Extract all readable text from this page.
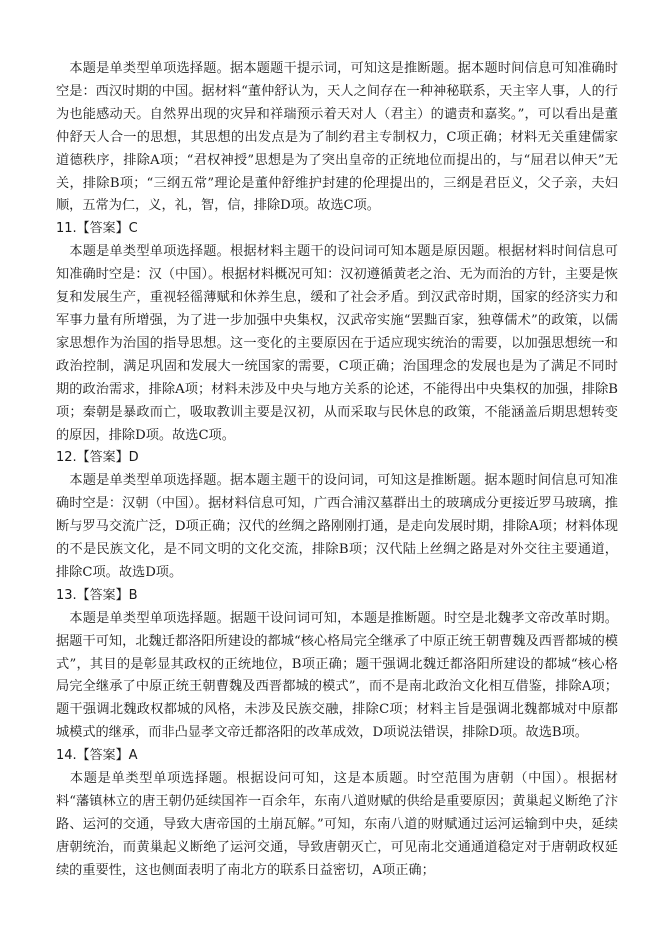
　本题是单类型单项选择题。据本题题干提示词，可知这是推断题。据本题时间信息可知准确时空是：西汉时期的中国。据材料“董仲舒认为，天人之间存在一种神秘联系，天主宰人事，人的行为也能感动天。自然界出现的灾异和祥瑞预示着天对人（君主）的谴责和嘉奖。”，可以看出是董仲舒天人合一的思想，其思想的出发点是为了制约君主专制权力，C项正确；材料无关重建儒家道德秩序，排除A项；“君权神授”思想是为了突出皇帝的正统地位而提出的，与“屈君以伸天”无关，排除B项；“三纲五常”理论是董仲舒维护封建的伦理提出的，三纲是君臣义，父子亲，夫妇顺，五常为仁，义，礼，智，信，排除D项。故选C项。

11.【答案】C

　本题是单类型单项选择题。根据材料主题干的设问词可知本题是原因题。根据材料时间信息可知准确时空是：汉（中国）。根据材料概况可知：汉初遵循黄老之治、无为而治的方针，主要是恢复和发展生产，重视轻徭薄赋和休养生息，缓和了社会矛盾。到汉武帝时期，国家的经济实力和军事力量有所增强，为了进一步加强中央集权，汉武帝实施“罢黜百家，独尊儒术”的政策，以儒家思想作为治国的指导思想。这一变化的主要原因在于适应现实统治的需要，以加强思想统一和政治控制，满足巩固和发展大一统国家的需要，C项正确；治国理念的发展也是为了满足不同时期的政治需求，排除A项；材料未涉及中央与地方关系的论述，不能得出中央集权的加强，排除B项；秦朝是暴政而亡，吸取教训主要是汉初，从而采取与民休息的政策，不能涵盖后期思想转变的原因，排除D项。故选C项。

12.【答案】D

　本题是单类型单项选择题。据本题主题干的设问词，可知这是推断题。据本题时间信息可知准确时空是：汉朝（中国）。据材料信息可知，广西合浦汉墓群出土的玻璃成分更接近罗马玻璃，推断与罗马交流广泛，D项正确；汉代的丝绸之路刚刚打通，是走向发展时期，排除A项；材料体现的不是民族文化，是不同文明的文化交流，排除B项；汉代陆上丝绸之路是对外交往主要通道，排除C项。故选D项。

13.【答案】B

　本题是单类型单项选择题。据题干设问词可知，本题是推断题。时空是北魏孝文帝改革时期。据题干可知，北魏迁都洛阳所建设的都城“核心格局完全继承了中原正统王朝曹魏及西晋都城的模式”，其目的是彰显其政权的正统地位，B项正确；题干强调北魏迁都洛阳所建设的都城“核心格局完全继承了中原正统王朝曹魏及西晋都城的模式”，而不是南北政治文化相互借鉴，排除A项；题干强调北魏政权都城的风格，未涉及民族交融，排除C项；材料主旨是强调北魏都城对中原都城模式的继承，而非凸显孝文帝迁都洛阳的改革成效，D项说法错误，排除D项。故选B项。

14.【答案】A

　本题是单类型单项选择题。根据设问可知，这是本质题。时空范围为唐朝（中国）。根据材料“藩镇林立的唐王朝仍延续国祚一百余年，东南八道财赋的供给是重要原因；黄巢起义断绝了汴路、运河的交通，导致大唐帝国的土崩瓦解。”可知，东南八道的财赋通过运河运输到中央，延续唐朝统治，而黄巢起义断绝了运河交通，导致唐朝灭亡，可见南北交通通道稳定对于唐朝政权延续的重要性，这也侧面表明了南北方的联系日益密切，A项正确；
